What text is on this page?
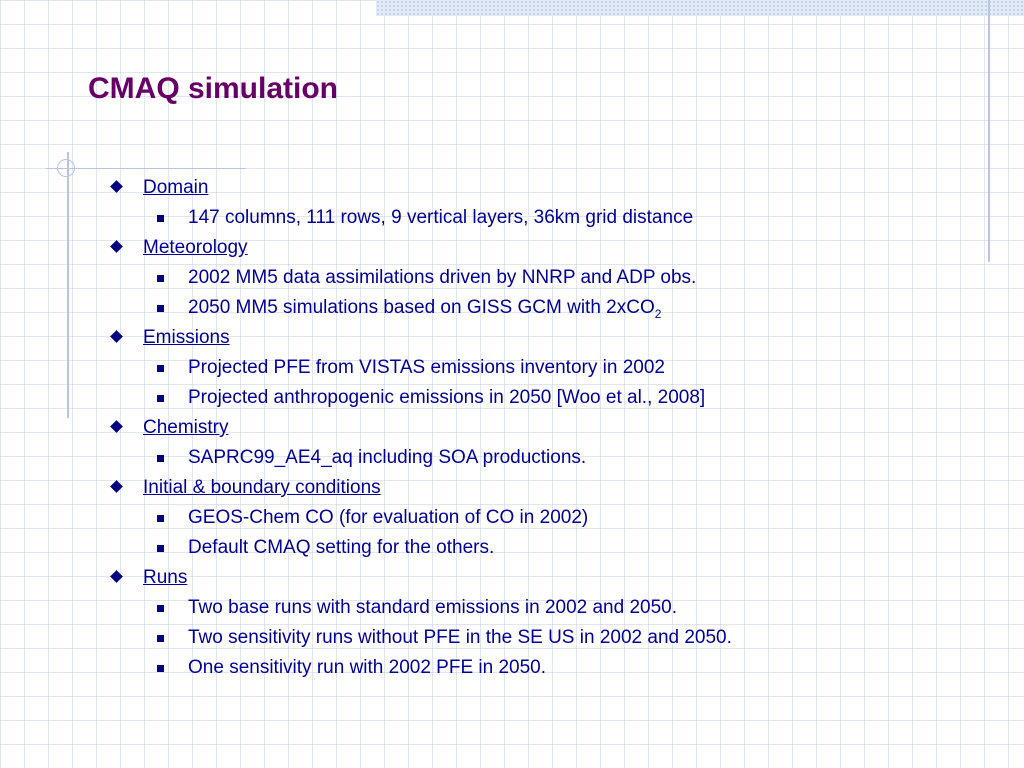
CMAQ simulation
Domain
147 columns, 111 rows, 9 vertical layers, 36km grid distance
Meteorology
2002 MM5 data assimilations driven by NNRP and ADP obs.
2050 MM5 simulations based on GISS GCM with 2xCO$_2$
Emissions
Projected PFE from VISTAS emissions inventory in 2002
Projected anthropogenic emissions in 2050 [Woo et al., 2008]
Chemistry
SAPRC99_AE4_aq including SOA productions.
Initial & boundary conditions
GEOS-Chem CO (for evaluation of CO in 2002)
Default CMAQ setting for the others.
Runs
Two base runs with standard emissions in 2002 and 2050.
Two sensitivity runs without PFE in the SE US in 2002 and 2050.
One sensitivity run with 2002 PFE in 2050.
